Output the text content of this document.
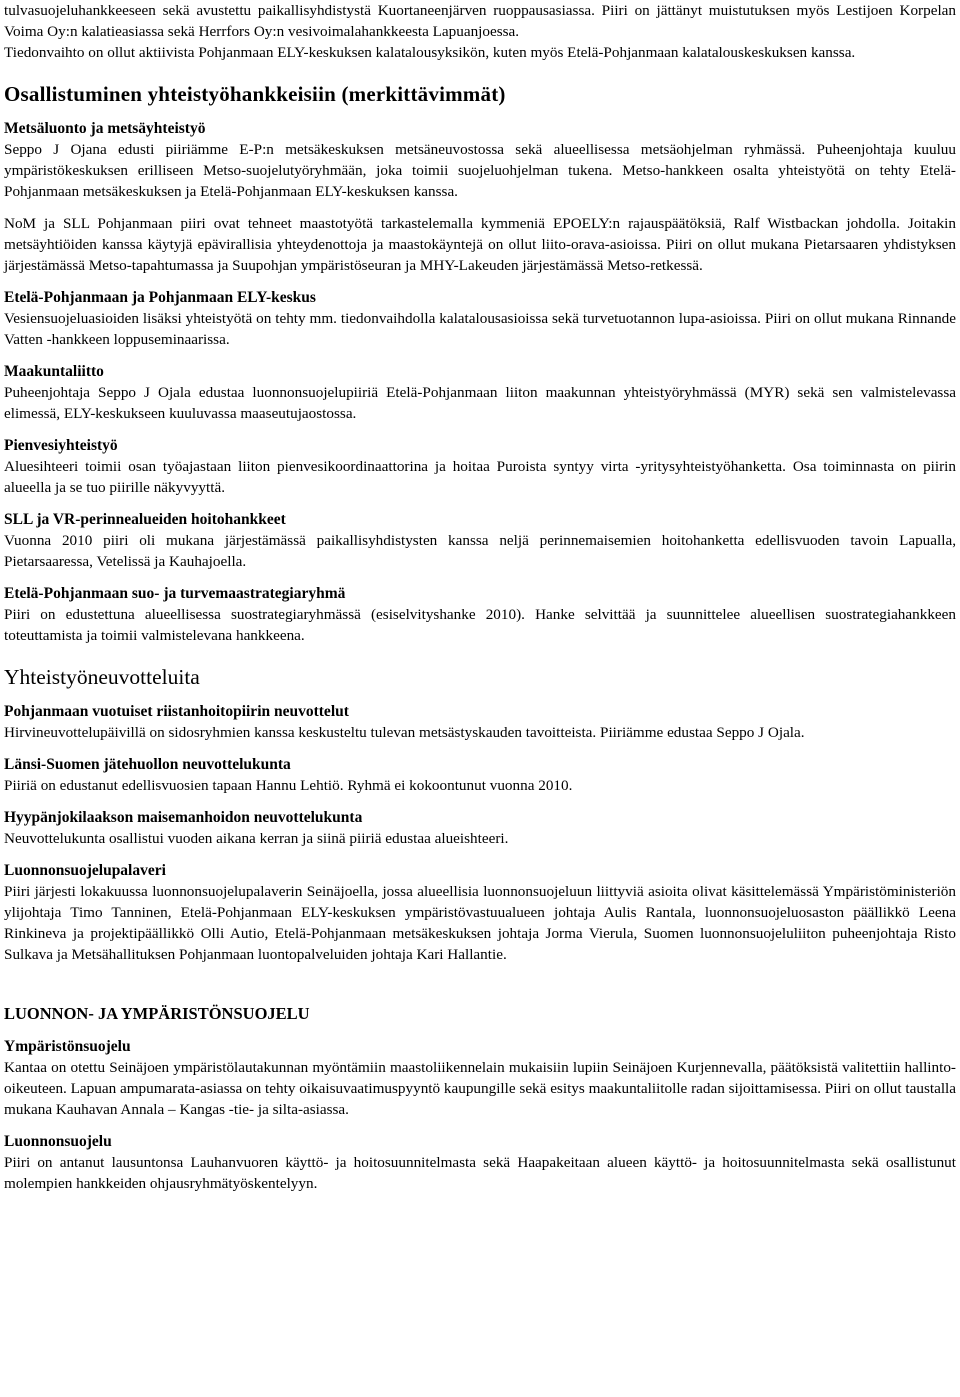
tulvasuojeluhankkeeseen sekä avustettu paikallisyhdistystä Kuortaneenjärven ruoppausasiassa. Piiri on jättänyt muistutuksen myös Lestijoen Korpelan Voima Oy:n kalatieasiassa sekä Herrfors Oy:n vesivoimalahankkeesta Lapuanjoessa.

Tiedonvaihto on ollut aktiivista Pohjanmaan ELY-keskuksen kalatalousyksikön, kuten myös Etelä-Pohjanmaan kalatalouskeskuksen kanssa.

Osallistuminen yhteistyöhankkeisiin (merkittävimmät)
Metsäluonto ja metsäyhteistyö

Seppo J Ojana edusti piiriämme E-P:n metsäkeskuksen metsäneuvostossa sekä alueellisessa metsäohjelman ryhmässä. Puheenjohtaja kuuluu ympäristökeskuksen erilliseen Metso-suojelutyöryhmään, joka toimii suojeluohjelman tukena. Metso-hankkeen osalta yhteistyötä on tehty Etelä-Pohjanmaan metsäkeskuksen ja Etelä-Pohjanmaan ELY-keskuksen kanssa.

NoM ja SLL Pohjanmaan piiri ovat tehneet maastotyötä tarkastelemalla kymmeniä EPOELY:n rajauspäätöksiä, Ralf Wistbackan johdolla. Joitakin metsäyhtiöiden kanssa käytyjä epävirallisia yhteydenottoja ja maastokäyntejä on ollut liito-orava-asioissa. Piiri on ollut mukana Pietarsaaren yhdistyksen järjestämässä Metso-tapahtumassa ja Suupohjan ympäristöseuran ja MHY-Lakeuden järjestämässä Metso-retkessä.

Etelä-Pohjanmaan ja Pohjanmaan ELY-keskus

Vesiensuojeluasioiden lisäksi yhteistyötä on tehty mm. tiedonvaihdolla kalatalousasioissa sekä turvetuotannon lupa-asioissa. Piiri on ollut mukana Rinnande Vatten -hankkeen loppuseminaarissa.

Maakuntaliitto

Puheenjohtaja Seppo J Ojala edustaa luonnonsuojelupiiriä Etelä-Pohjanmaan liiton maakunnan yhteistyöryhmässä (MYR) sekä sen valmistelevassa elimessä, ELY-keskukseen kuuluvassa maaseutujaostossa.

Pienvesiyhteistyö

Aluesihteeri toimii osan työajastaan liiton pienvesikoordinaattorina ja hoitaa Puroista syntyy virta -yritysyhteistyöhanketta. Osa toiminnasta on piirin alueella ja se tuo piirille näkyvyyttä.

SLL ja VR-perinnealueiden hoitohankkeet

Vuonna 2010 piiri oli mukana järjestämässä paikallisyhdistysten kanssa neljä perinnemaisemien hoitohanketta edellisvuoden tavoin Lapualla, Pietarsaaressa, Vetelissä ja Kauhajoella.

Etelä-Pohjanmaan suo- ja turvemaastrategiaryhmä

Piiri on edustettuna alueellisessa suostrategiaryhmässä (esiselvityshanke 2010). Hanke selvittää ja suunnittelee alueellisen suostrategiahankkeen toteuttamista ja toimii valmistelevana hankkeena.

Yhteistyöneuvotteluita
Pohjanmaan vuotuiset riistanhoitopiirin neuvottelut

Hirvineuvottelupäivillä on sidosryhmien kanssa keskusteltu tulevan metsästyskauden tavoitteista. Piiriämme edustaa Seppo J Ojala.

Länsi-Suomen jätehuollon neuvottelukunta

Piiriä on edustanut edellisvuosien tapaan Hannu Lehtiö. Ryhmä ei kokoontunut vuonna 2010.

Hyypänjokilaakson maisemanhoidon neuvottelukunta

Neuvottelukunta osallistui vuoden aikana kerran ja siinä piiriä edustaa alueishteeri.

Luonnonsuojelupalaveri

Piiri järjesti lokakuussa luonnonsuojelupalaverin Seinäjoella, jossa alueellisia luonnonsuojeluun liittyviä asioita olivat käsittelemässä Ympäristöministeriön ylijohtaja Timo Tanninen, Etelä-Pohjanmaan ELY-keskuksen ympäristövastuualueen johtaja Aulis Rantala, luonnonsuojeluosaston päällikkö Leena Rinkineva ja projektipäällikkö Olli Autio, Etelä-Pohjanmaan metsäkeskuksen johtaja Jorma Vierula, Suomen luonnonsuojeluliiton puheenjohtaja Risto Sulkava ja Metsähallituksen Pohjanmaan luontopalveluiden johtaja Kari Hallantie.

LUONNON- JA YMPÄRISTÖNSUOJELU
Ympäristönsuojelu

Kantaa on otettu Seinäjoen ympäristölautakunnan myöntämiin maastoliikennelain mukaisiin lupiin Seinäjoen Kurjennevalla, päätöksistä valitettiin hallinto-oikeuteen. Lapuan ampumarata-asiassa on tehty oikaisuvaatimuspyyntö kaupungille sekä esitys maakuntaliitolle radan sijoittamisessa. Piiri on ollut taustalla mukana Kauhavan Annala – Kangas -tie- ja silta-asiassa.

Luonnonsuojelu

Piiri on antanut lausuntonsa Lauhanvuoren käyttö- ja hoitosuunnitelmasta sekä Haapakeitaan alueen käyttö- ja hoitosuunnitelmasta sekä osallistunut molempien hankkeiden ohjausryhmätyöskentelyyn.
